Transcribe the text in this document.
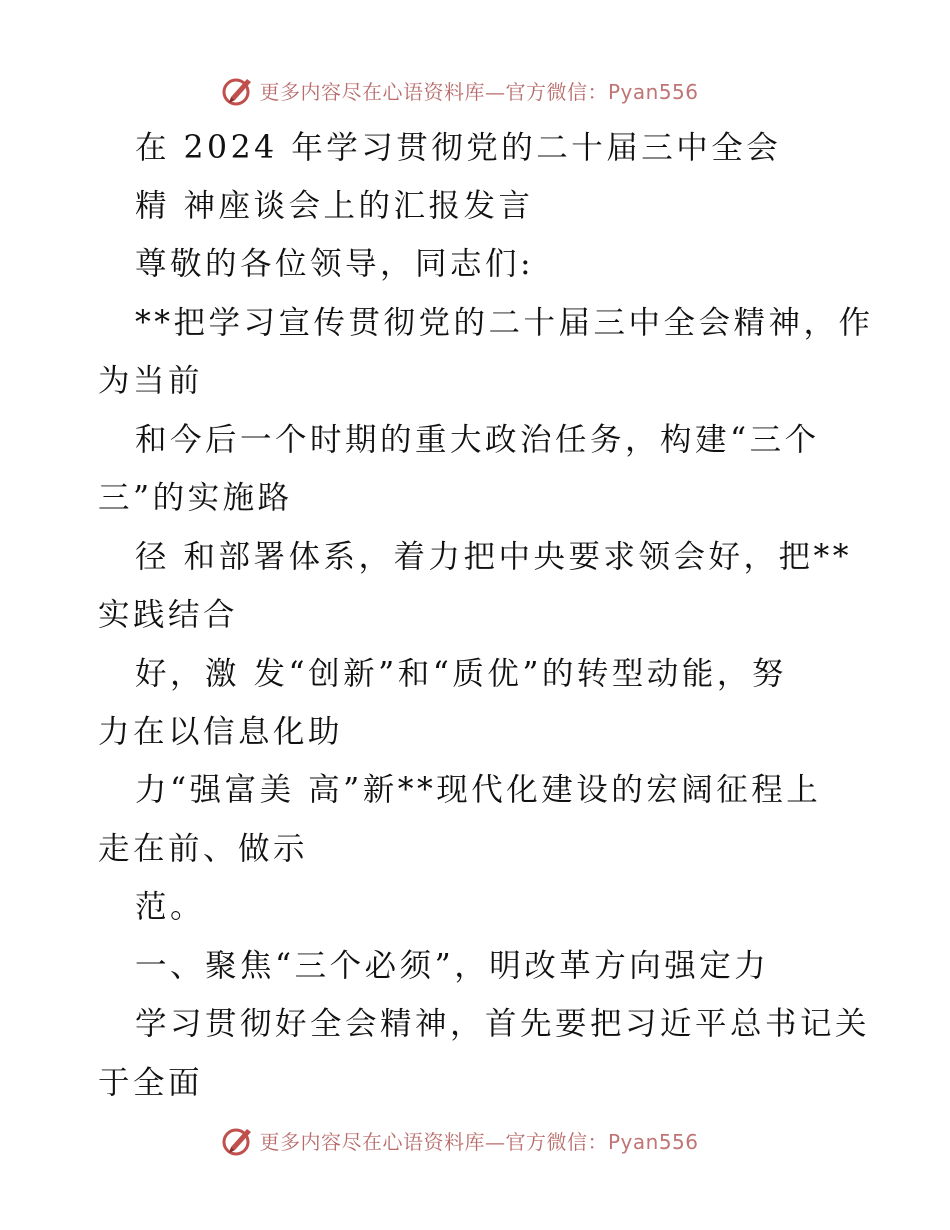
更多内容尽在心语资料库—官方微信：Pyan556
在 2024 年学习贯彻党的二十届三中全会
精 神座谈会上的汇报发言
尊敬的各位领导，同志们:
**把学习宣传贯彻党的二十届三中全会精神，作
为当前
和今后一个时期的重大政治任务，构建“三个
三”的实施路
径 和部署体系，着力把中央要求领会好，把**
实践结合
好，激 发“创新”和“质优”的转型动能，努
力在以信息化助
力“强富美 高”新**现代化建设的宏阔征程上
走在前、做示
范。
一、聚焦“三个必须”，明改革方向强定力
学习贯彻好全会精神，首先要把习近平总书记关
于全面
更多内容尽在心语资料库—官方微信：Pyan556
